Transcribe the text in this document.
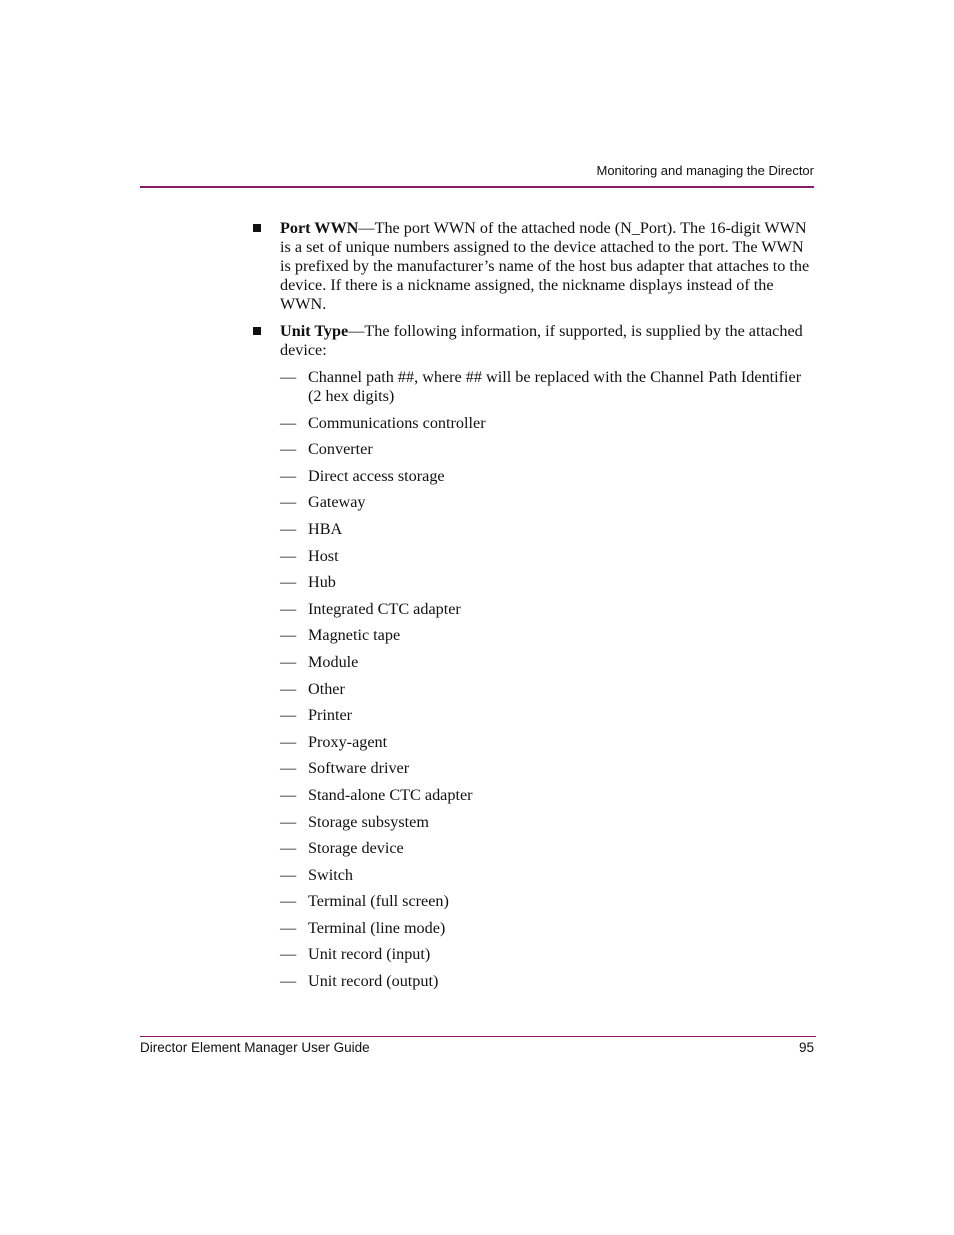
Monitoring and managing the Director
Port WWN—The port WWN of the attached node (N_Port). The 16-digit WWN is a set of unique numbers assigned to the device attached to the port. The WWN is prefixed by the manufacturer’s name of the host bus adapter that attaches to the device. If there is a nickname assigned, the nickname displays instead of the WWN.
Unit Type—The following information, if supported, is supplied by the attached device:
— Channel path ##, where ## will be replaced with the Channel Path Identifier (2 hex digits)
— Communications controller
— Converter
— Direct access storage
— Gateway
— HBA
— Host
— Hub
— Integrated CTC adapter
— Magnetic tape
— Module
— Other
— Printer
— Proxy-agent
— Software driver
— Stand-alone CTC adapter
— Storage subsystem
— Storage device
— Switch
— Terminal (full screen)
— Terminal (line mode)
— Unit record (input)
— Unit record (output)
Director Element Manager User Guide	95
